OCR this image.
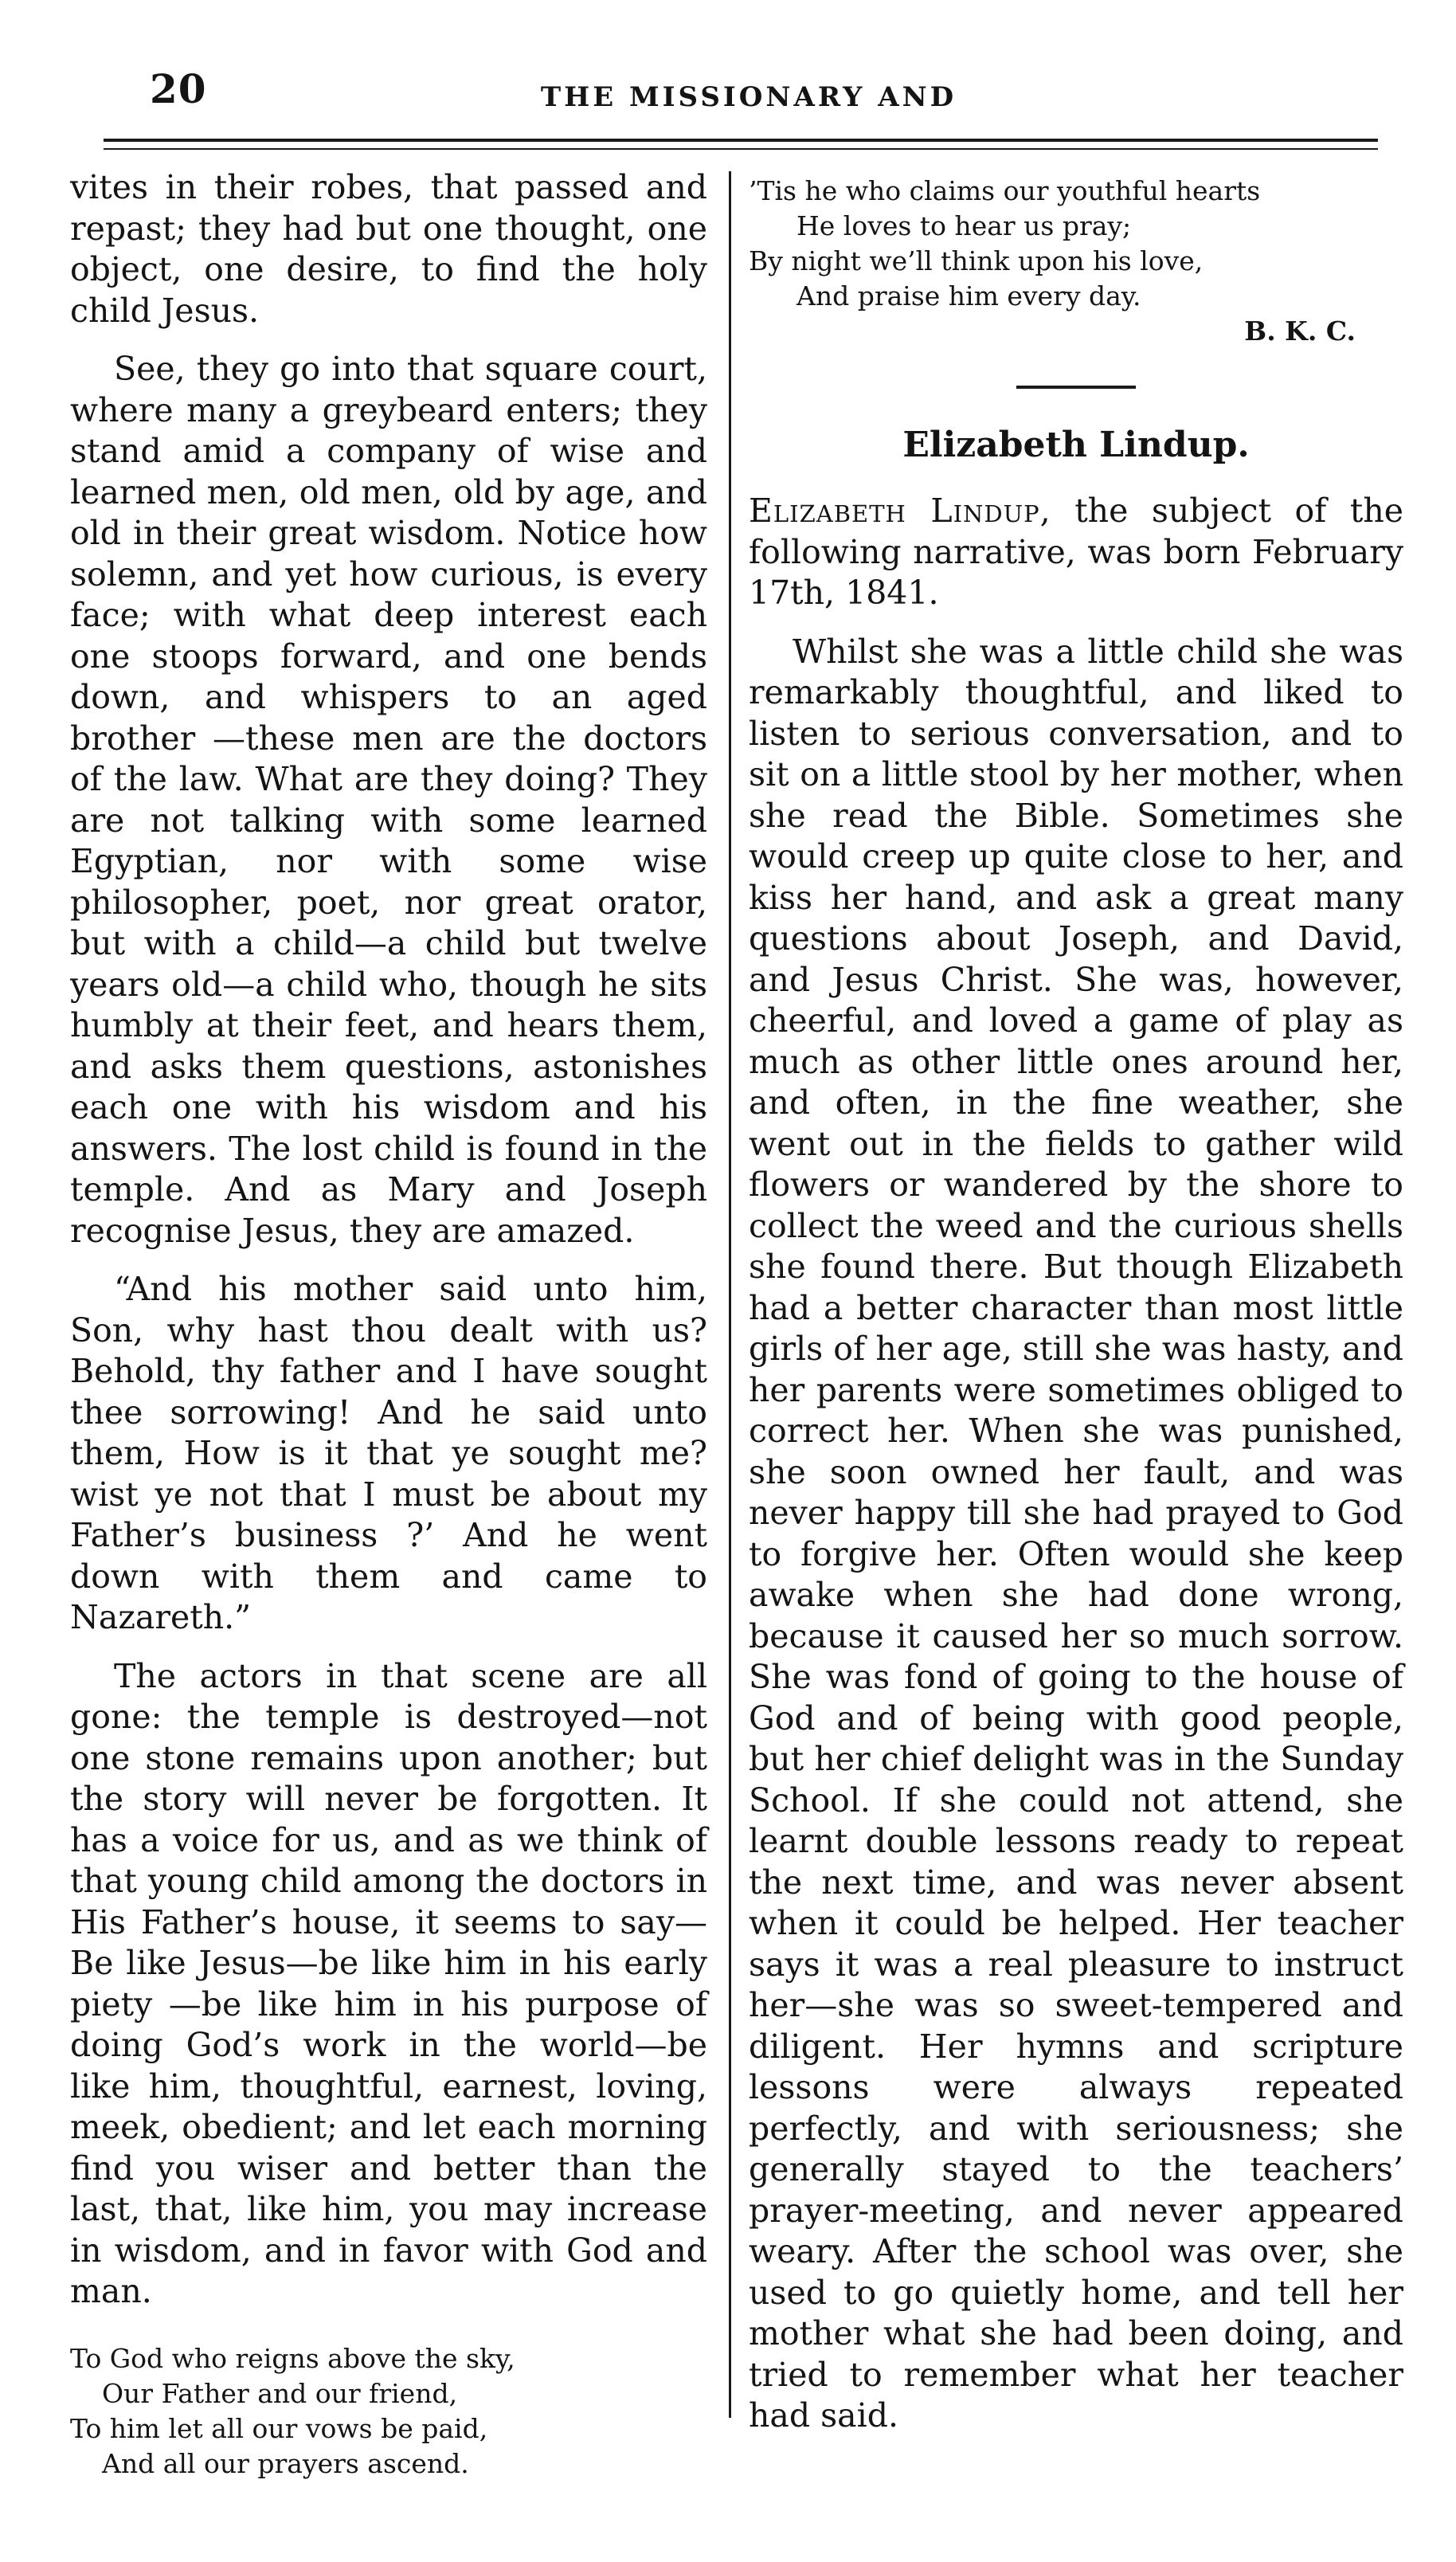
20	THE MISSIONARY AND

vites in their robes, that passed and repast; they had but one thought, one object, one desire, to find the holy child Jesus.

See, they go into that square court, where many a greybeard enters; they stand amid a company of wise and learned men, old men, old by age, and old in their great wisdom. Notice how solemn, and yet how curious, is every face; with what deep interest each one stoops forward, and one bends down, and whispers to an aged brother —these men are the doctors of the law. What are they doing? They are not talking with some learned Egyptian, nor with some wise philosopher, poet, nor great orator, but with a child—a child but twelve years old—a child who, though he sits humbly at their feet, and hears them, and asks them questions, astonishes each one with his wisdom and his answers. The lost child is found in the temple. And as Mary and Joseph recognise Jesus, they are amazed.

“And his mother said unto him, Son, why hast thou dealt with us? Behold, thy father and I have sought thee sorrowing! And he said unto them, How is it that ye sought me? wist ye not that I must be about my Father’s business ?’ And he went down with them and came to Nazareth.”

The actors in that scene are all gone: the temple is destroyed—not one stone remains upon another; but the story will never be forgotten. It has a voice for us, and as we think of that young child among the doctors in His Father’s house, it seems to say—Be like Jesus—be like him in his early piety —be like him in his purpose of doing God’s work in the world—be like him, thoughtful, earnest, loving, meek, obedient; and let each morning find you wiser and better than the last, that, like him, you may increase in wisdom, and in favor with God and man.

To God who reigns above the sky,
Our Father and our friend,
To him let all our vows be paid,
And all our prayers ascend.
’Tis he who claims our youthful hearts
He loves to hear us pray;
By night we’ll think upon his love,
And praise him every day.
B. K. C.
Elizabeth Lindup.

Elizabeth Lindup, the subject of the following narrative, was born February 17th, 1841.

Whilst she was a little child she was remarkably thoughtful, and liked to listen to serious conversation, and to sit on a little stool by her mother, when she read the Bible. Sometimes she would creep up quite close to her, and kiss her hand, and ask a great many questions about Joseph, and David, and Jesus Christ. She was, however, cheerful, and loved a game of play as much as other little ones around her, and often, in the fine weather, she went out in the fields to gather wild flowers or wandered by the shore to collect the weed and the curious shells she found there. But though Elizabeth had a better character than most little girls of her age, still she was hasty, and her parents were sometimes obliged to correct her. When she was punished, she soon owned her fault, and was never happy till she had prayed to God to forgive her. Often would she keep awake when she had done wrong, because it caused her so much sorrow. She was fond of going to the house of God and of being with good people, but her chief delight was in the Sunday School. If she could not attend, she learnt double lessons ready to repeat the next time, and was never absent when it could be helped. Her teacher says it was a real pleasure to instruct her—she was so sweet-tempered and diligent. Her hymns and scripture lessons were always repeated perfectly, and with seriousness; she generally stayed to the teachers’ prayer-meeting, and never appeared weary. After the school was over, she used to go quietly home, and tell her mother what she had been doing, and tried to remember what her teacher had said.
